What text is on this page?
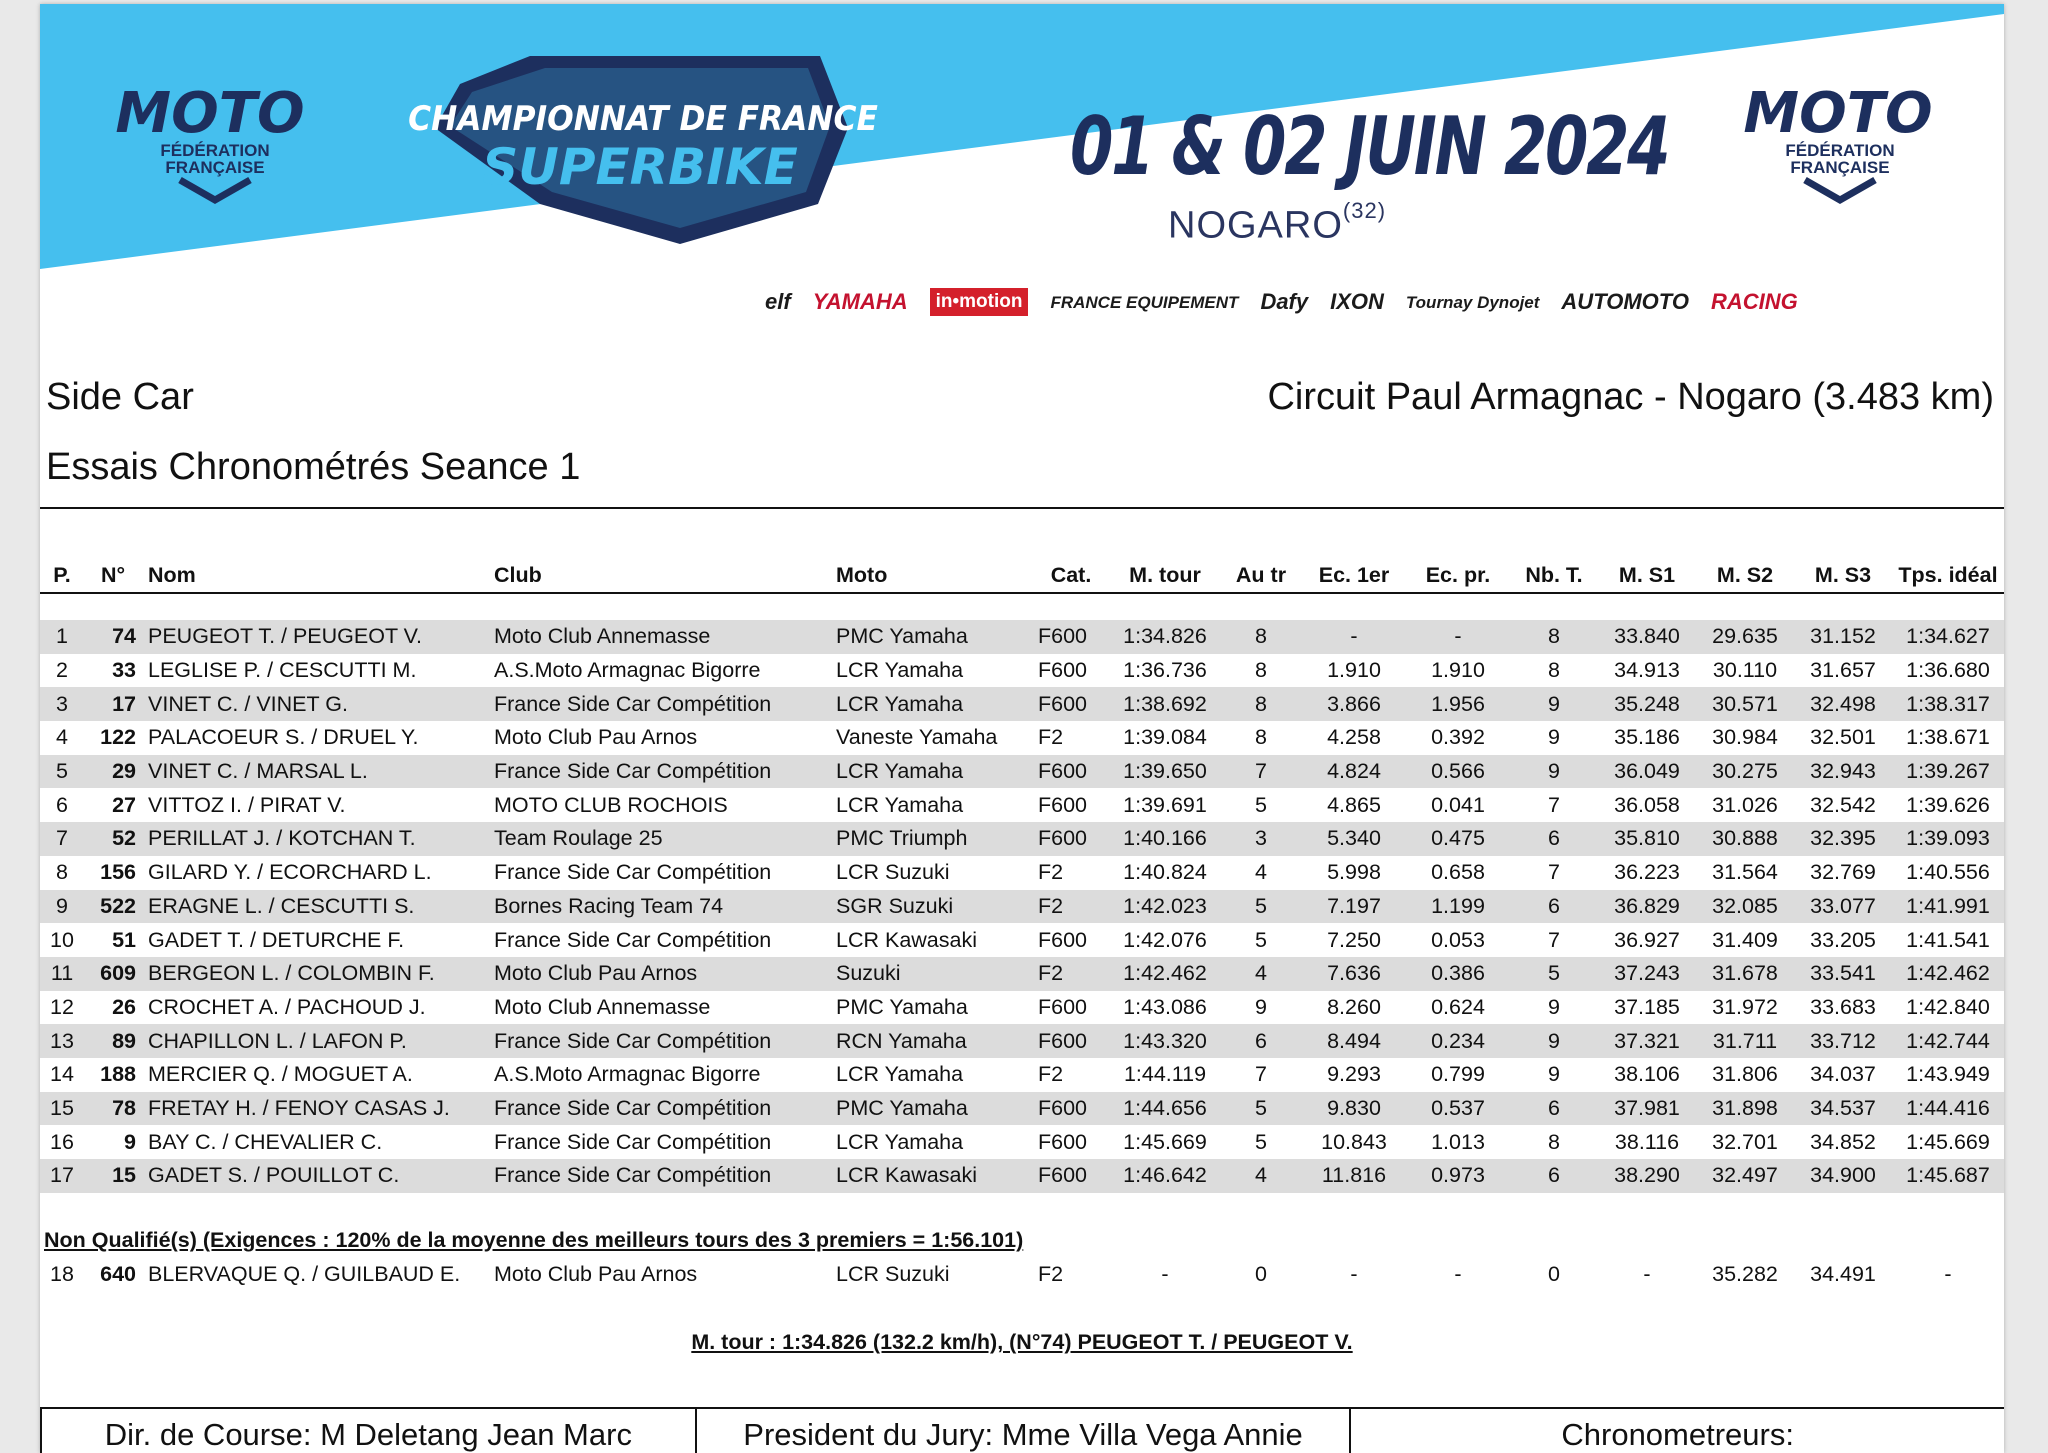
MOTO
FÉDÉRATION
FRANÇAISE
CHAMPIONNAT DE FRANCE
SUPERBIKE
MOTO
FÉDÉRATION
FRANÇAISE
01 & 02 JUIN 2024
NOGARO$^{(32)}$
elf YAMAHA	in•motion	FRANCE EQUIPEMENT Dafy IXON Tournay Dynojet AUTOMOTO RACING
Side Car	Circuit Paul Armagnac - Nogaro (3.483 km)
Essais Chronométrés Seance 1
P.	N°	Nom	Club	Moto	Cat.	M. tour	Au tr	Ec. 1er	Ec. pr.	Nb. T.	M. S1	M. S2	M. S3	Tps. idéal

1	74	PEUGEOT T. / PEUGEOT V.	Moto Club Annemasse	PMC Yamaha	F600	1:34.826	8	-	-	8	33.840	29.635	31.152	1:34.627
2	33	LEGLISE P. / CESCUTTI M.	A.S.Moto Armagnac Bigorre	LCR Yamaha	F600	1:36.736	8	1.910	1.910	8	34.913	30.110	31.657	1:36.680
3	17	VINET C. / VINET G.	France Side Car Compétition	LCR Yamaha	F600	1:38.692	8	3.866	1.956	9	35.248	30.571	32.498	1:38.317
4	122	PALACOEUR S. / DRUEL Y.	Moto Club Pau Arnos	Vaneste Yamaha	F2	1:39.084	8	4.258	0.392	9	35.186	30.984	32.501	1:38.671
5	29	VINET C. / MARSAL L.	France Side Car Compétition	LCR Yamaha	F600	1:39.650	7	4.824	0.566	9	36.049	30.275	32.943	1:39.267
6	27	VITTOZ I. / PIRAT V.	MOTO CLUB ROCHOIS	LCR Yamaha	F600	1:39.691	5	4.865	0.041	7	36.058	31.026	32.542	1:39.626
7	52	PERILLAT J. / KOTCHAN T.	Team Roulage 25	PMC Triumph	F600	1:40.166	3	5.340	0.475	6	35.810	30.888	32.395	1:39.093
8	156	GILARD Y. / ECORCHARD L.	France Side Car Compétition	LCR Suzuki	F2	1:40.824	4	5.998	0.658	7	36.223	31.564	32.769	1:40.556
9	522	ERAGNE L. / CESCUTTI S.	Bornes Racing Team 74	SGR Suzuki	F2	1:42.023	5	7.197	1.199	6	36.829	32.085	33.077	1:41.991
10	51	GADET T. / DETURCHE F.	France Side Car Compétition	LCR Kawasaki	F600	1:42.076	5	7.250	0.053	7	36.927	31.409	33.205	1:41.541
11	609	BERGEON L. / COLOMBIN F.	Moto Club Pau Arnos	Suzuki	F2	1:42.462	4	7.636	0.386	5	37.243	31.678	33.541	1:42.462
12	26	CROCHET A. / PACHOUD J.	Moto Club Annemasse	PMC Yamaha	F600	1:43.086	9	8.260	0.624	9	37.185	31.972	33.683	1:42.840
13	89	CHAPILLON L. / LAFON P.	France Side Car Compétition	RCN Yamaha	F600	1:43.320	6	8.494	0.234	9	37.321	31.711	33.712	1:42.744
14	188	MERCIER Q. / MOGUET A.	A.S.Moto Armagnac Bigorre	LCR Yamaha	F2	1:44.119	7	9.293	0.799	9	38.106	31.806	34.037	1:43.949
15	78	FRETAY H. / FENOY CASAS J.	France Side Car Compétition	PMC Yamaha	F600	1:44.656	5	9.830	0.537	6	37.981	31.898	34.537	1:44.416
16	9	BAY C. / CHEVALIER C.	France Side Car Compétition	LCR Yamaha	F600	1:45.669	5	10.843	1.013	8	38.116	32.701	34.852	1:45.669
17	15	GADET S. / POUILLOT C.	France Side Car Compétition	LCR Kawasaki	F600	1:46.642	4	11.816	0.973	6	38.290	32.497	34.900	1:45.687
Non Qualifié(s) (Exigences : 120% de la moyenne des meilleurs tours des 3 premiers = 1:56.101)
18	640	BLERVAQUE Q. / GUILBAUD E.	Moto Club Pau Arnos	LCR Suzuki	F2	-	0	-	-	0	-	35.282	34.491	-
M. tour : 1:34.826 (132.2 km/h), (N°74) PEUGEOT T. / PEUGEOT V.
Dir. de Course: M Deletang Jean Marc	President du Jury: Mme Villa Vega Annie	Chronometreurs:
